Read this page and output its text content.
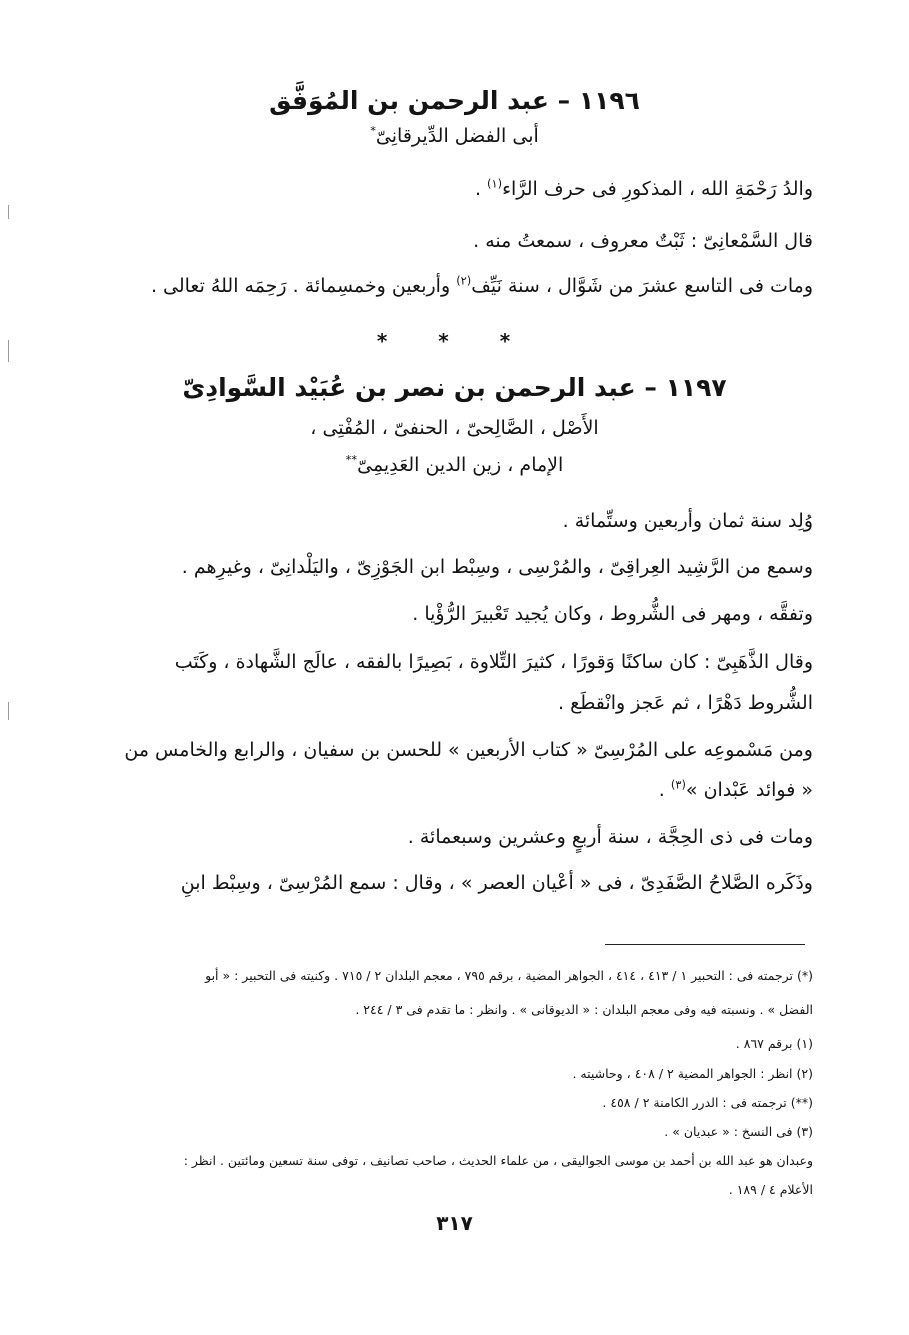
١١٩٦ – عبد الرحمن بن المُوَفَّق
أبى الفضل الدِّيرقانِىّ*
والدُ رَحْمَةِ الله ، المذكورِ فى حرف الرَّاء$^{(١)}$ .
قال السَّمْعانِىّ : ثَبْتٌ معروف ، سمعتُ منه .
ومات فى التاسع عشرَ من شَوَّال ، سنة نَيِّف$^{(٢)}$ وأربعين وخمسِمائة . رَحِمَه اللهُ تعالى .
* * *
١١٩٧ – عبد الرحمن بن نصر بن عُبَيْد السَّوادِىّ
الأَصْل ، الصَّالِحىّ ، الحنفىّ ، المُفْتِى ،
الإمام ، زين الدين العَدِيمِىّ**
وُلِد سنة ثمان وأربعين وستِّمائة .
وسمع من الرَّشِيد العِراقِىّ ، والمُرْسِى ، وسِبْط ابن الجَوْزِىّ ، واليَلْدانِىّ ، وغيرِهم .
وتفقَّه ، ومهر فى الشُّروط ، وكان يُجيد تَعْبيرَ الرُّؤْيا .
وقال الذَّهَبِىّ : كان ساكنًا وَقورًا ، كثيرَ التِّلاوة ، بَصِيرًا بالفقه ، عالَج الشَّهادة ، وكَتَب
الشُّروط دَهْرًا ، ثم عَجز وانْقطَع .
ومن مَسْموعِه على المُرْسِىّ « كتاب الأربعين » للحسن بن سفيان ، والرابع والخامس من
« فوائد عَبْدان »$^{(٣)}$ .
ومات فى ذى الحِجَّة ، سنة أربعٍ وعشرين وسبعمائة .
وذَكَره الصَّلاحُ الصَّفَدِىّ ، فى « أعْيان العصر » ، وقال : سمع المُرْسِىّ ، وسِبْط ابنِ
(*) ترجمته فى : التحبير ١ / ٤١٣ ، ٤١٤ ، الجواهر المضية ، برقم ٧٩٥ ، معجم البلدان ٢ / ٧١٥ . وكنيته فى التحبير : « أبو
الفضل » . ونسبته فيه وفى معجم البلدان : « الديوقانى » . وانظر : ما تقدم فى ٣ / ٢٤٤ .
(١) برقم ٨٦٧ .
(٢) انظر : الجواهر المضية ٢ / ٤٠٨ ، وحاشيته .
(**) ترجمته فى : الدرر الكامنة ٢ / ٤٥٨ .
(٣) فى النسخ : « عبديان » .
وعبدان هو عبد الله بن أحمد بن موسى الجواليقى ، من علماء الحديث ، صاحب تصانيف ، توفى سنة تسعين ومائتين . انظر :
الأعلام ٤ / ١٨٩ .
٣١٧
